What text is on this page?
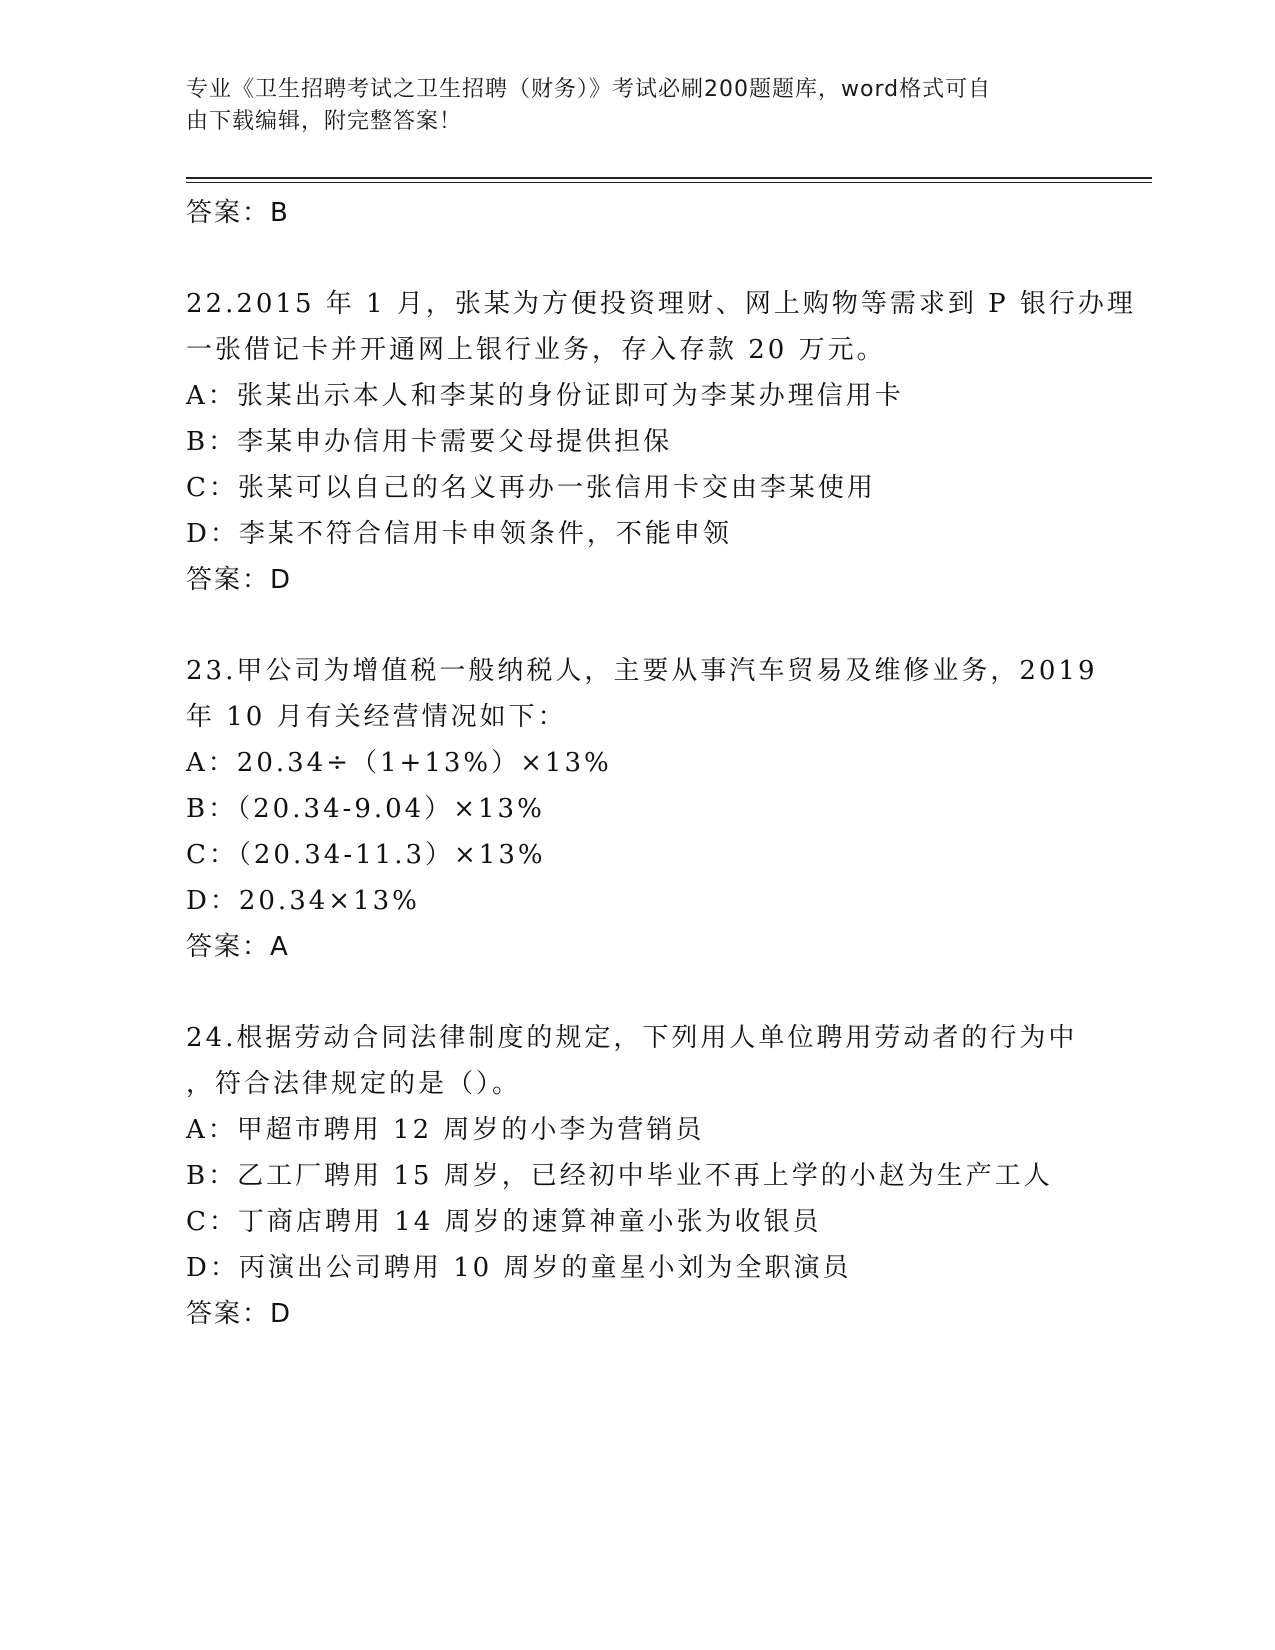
专业《卫生招聘考试之卫生招聘（财务）》考试必刷200题题库，word格式可自
由下载编辑，附完整答案！
答案：B
22.2015 年 1 月，张某为方便投资理财、网上购物等需求到 P 银行办理
一张借记卡并开通网上银行业务，存入存款 20 万元。
A：张某出示本人和李某的身份证即可为李某办理信用卡
B：李某申办信用卡需要父母提供担保
C：张某可以自己的名义再办一张信用卡交由李某使用
D：李某不符合信用卡申领条件，不能申领
答案：D
23.甲公司为增值税一般纳税人，主要从事汽车贸易及维修业务，2019
年 10 月有关经营情况如下：
A：20.34÷（1+13%）×13%
B：（20.34-9.04）×13%
C：（20.34-11.3）×13%
D：20.34×13%
答案：A
24.根据劳动合同法律制度的规定，下列用人单位聘用劳动者的行为中
，符合法律规定的是（）。
A：甲超市聘用 12 周岁的小李为营销员
B：乙工厂聘用 15 周岁，已经初中毕业不再上学的小赵为生产工人
C：丁商店聘用 14 周岁的速算神童小张为收银员
D：丙演出公司聘用 10 周岁的童星小刘为全职演员
答案：D
